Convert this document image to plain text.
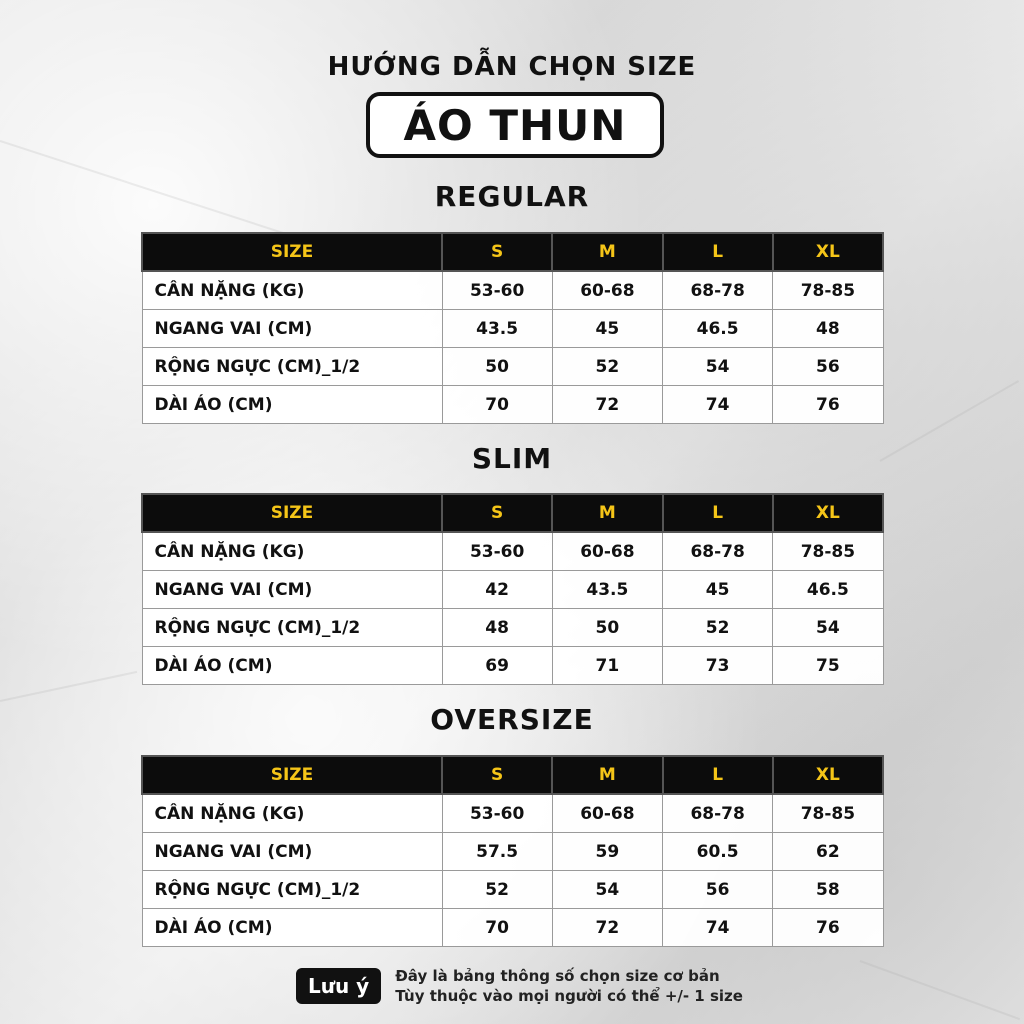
HƯỚNG DẪN CHỌN SIZE
ÁO THUN
REGULAR
SIZE	S	M	L	XL
CÂN NẶNG (KG)	53-60	60-68	68-78	78-85
NGANG VAI (CM)	43.5	45	46.5	48
RỘNG NGỰC (CM)_1/2	50	52	54	56
DÀI ÁO (CM)	70	72	74	76
SLIM
SIZE	S	M	L	XL
CÂN NẶNG (KG)	53-60	60-68	68-78	78-85
NGANG VAI (CM)	42	43.5	45	46.5
RỘNG NGỰC (CM)_1/2	48	50	52	54
DÀI ÁO (CM)	69	71	73	75
OVERSIZE
SIZE	S	M	L	XL
CÂN NẶNG (KG)	53-60	60-68	68-78	78-85
NGANG VAI (CM)	57.5	59	60.5	62
RỘNG NGỰC (CM)_1/2	52	54	56	58
DÀI ÁO (CM)	70	72	74	76
Lưu ý	Đây là bảng thông số chọn size cơ bản
Tùy thuộc vào mọi người có thể +/- 1 size
